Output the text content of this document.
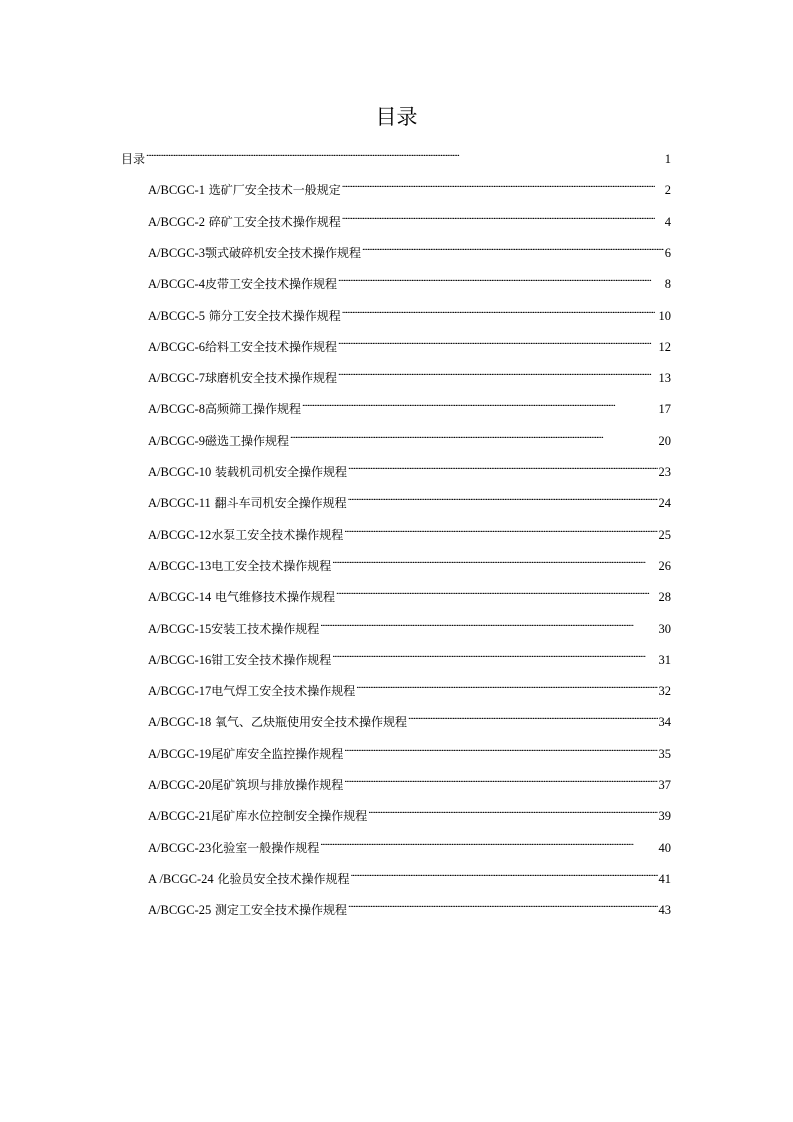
目录
目录 . . .	1
A/BCGC-1 选矿厂安全技术一般规定 . . .	2
A/BCGC-2 碎矿工安全技术操作规程 . . .	4
A/BCGC-3颚式破碎机安全技术操作规程 . . .	6
A/BCGC-4皮带工安全技术操作规程 . . .	8
A/BCGC-5 筛分工安全技术操作规程 . . .	10
A/BCGC-6给料工安全技术操作规程 . . .	12
A/BCGC-7球磨机安全技术操作规程 . . .	13
A/BCGC-8高频筛工操作规程 . . .	17
A/BCGC-9磁选工操作规程 . . .	20
A/BCGC-10 装载机司机安全操作规程 . . .	23
A/BCGC-11 翻斗车司机安全操作规程 . . .	24
A/BCGC-12水泵工安全技术操作规程 . . .	25
A/BCGC-13电工安全技术操作规程 . . .	26
A/BCGC-14 电气维修技术操作规程 . . .	28
A/BCGC-15安装工技术操作规程 . . .	30
A/BCGC-16钳工安全技术操作规程 . . .	31
A/BCGC-17电气焊工安全技术操作规程 . . .	32
A/BCGC-18 氧气、乙炔瓶使用安全技术操作规程 . . .	34
A/BCGC-19尾矿库安全监控操作规程 . . .	35
A/BCGC-20尾矿筑坝与排放操作规程 . . .	37
A/BCGC-21尾矿库水位控制安全操作规程 . . .	39
A/BCGC-23化验室一般操作规程 . . .	40
A /BCGC-24 化验员安全技术操作规程 . . .	41
A/BCGC-25 测定工安全技术操作规程 . . .	43
